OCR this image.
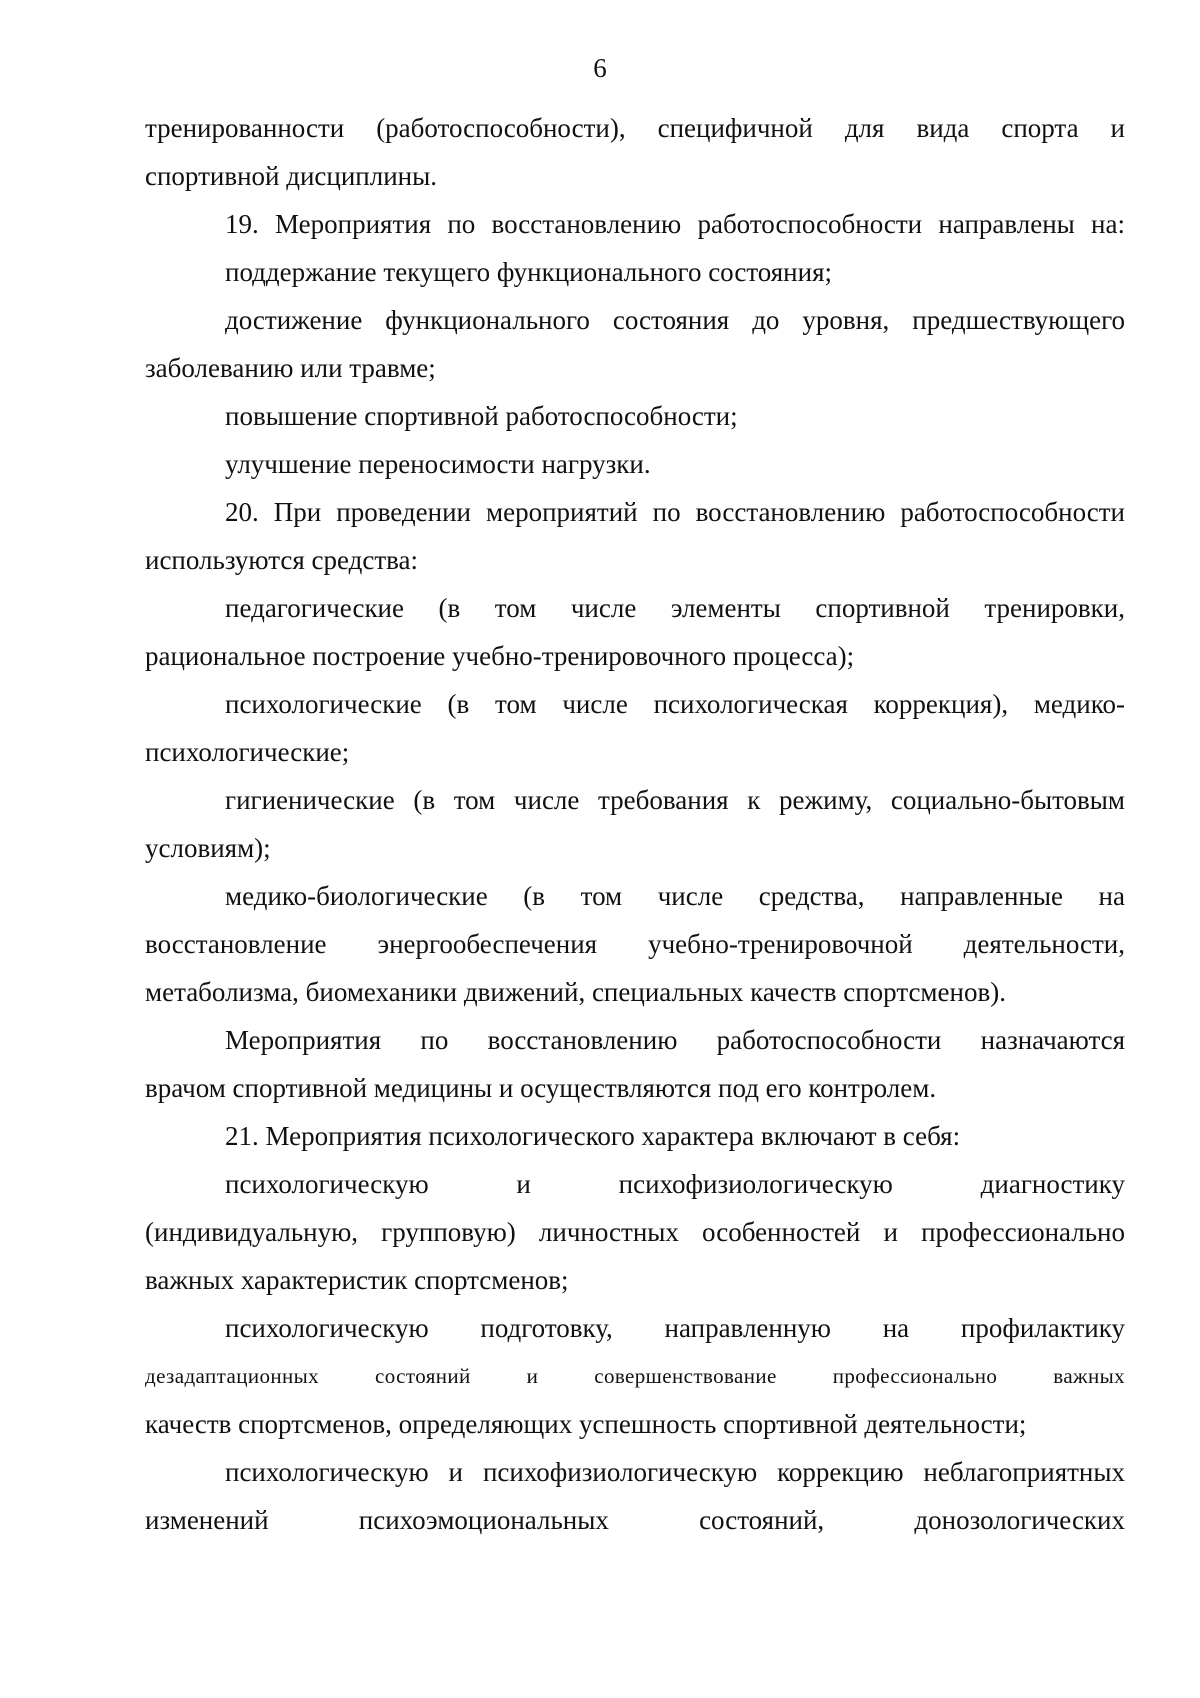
6
тренированности (работоспособности), специфичной для вида спорта и
спортивной дисциплины.
19. Мероприятия по восстановлению работоспособности направлены на:
поддержание текущего функционального состояния;
достижение функционального состояния до уровня, предшествующего
заболеванию или травме;
повышение спортивной работоспособности;
улучшение переносимости нагрузки.
20. При проведении мероприятий по восстановлению работоспособности
используются средства:
педагогические (в том числе элементы спортивной тренировки,
рациональное построение учебно-тренировочного процесса);
психологические (в том числе психологическая коррекция), медико-
психологические;
гигиенические (в том числе требования к режиму, социально-бытовым
условиям);
медико-биологические (в том числе средства, направленные на
восстановление энергообеспечения учебно-тренировочной деятельности,
метаболизма, биомеханики движений, специальных качеств спортсменов).
Мероприятия по восстановлению работоспособности назначаются
врачом спортивной медицины и осуществляются под его контролем.
21. Мероприятия психологического характера включают в себя:
психологическую и психофизиологическую диагностику
(индивидуальную, групповую) личностных особенностей и профессионально
важных характеристик спортсменов;
психологическую подготовку, направленную на профилактику
дезадаптационных состояний и совершенствование профессионально важных
качеств спортсменов, определяющих успешность спортивной деятельности;
психологическую и психофизиологическую коррекцию неблагоприятных
изменений психоэмоциональных состояний, донозологических
